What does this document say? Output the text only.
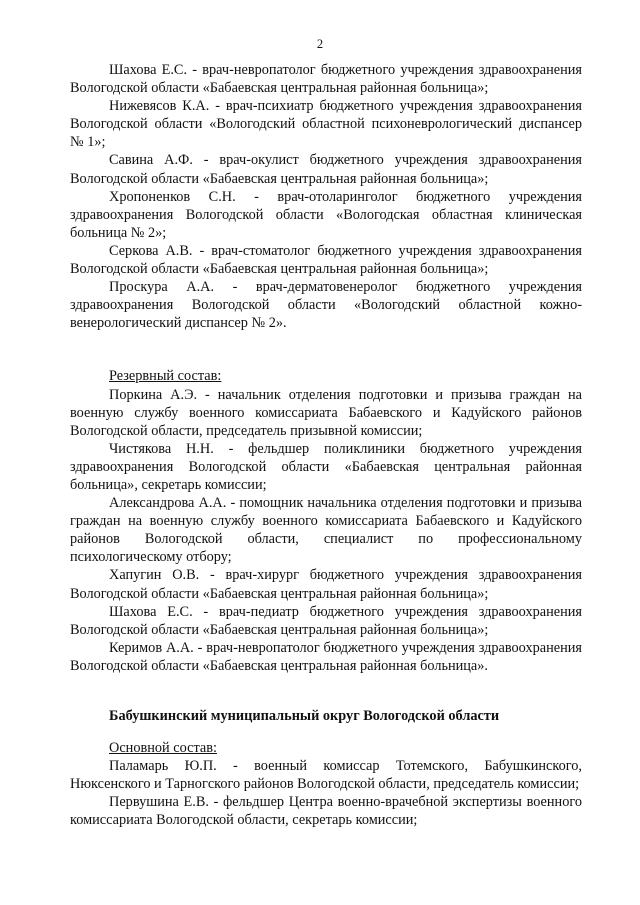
2

Шахова Е.С. - врач-невропатолог бюджетного учреждения здравоохранения Вологодской области «Бабаевская центральная районная больница»;

Нижевясов К.А. - врач-психиатр бюджетного учреждения здравоохранения Вологодской области «Вологодский областной психоневрологический диспансер № 1»;

Савина А.Ф. - врач-окулист бюджетного учреждения здравоохранения Вологодской области «Бабаевская центральная районная больница»;

Хропоненков С.Н. - врач-отоларинголог бюджетного учреждения здравоохранения Вологодской области «Вологодская областная клиническая больница № 2»;

Серкова А.В. - врач-стоматолог бюджетного учреждения здравоохранения Вологодской области «Бабаевская центральная районная больница»;

Проскура А.А. - врач-дерматовенеролог бюджетного учреждения здравоохранения Вологодской области «Вологодский областной кожно-венерологический диспансер № 2».

Резервный состав:

Поркина А.Э. - начальник отделения подготовки и призыва граждан на военную службу военного комиссариата Бабаевского и Кадуйского районов Вологодской области, председатель призывной комиссии;

Чистякова Н.Н. - фельдшер поликлиники бюджетного учреждения здравоохранения Вологодской области «Бабаевская центральная районная больница», секретарь комиссии;

Александрова А.А. - помощник начальника отделения подготовки и призыва граждан на военную службу военного комиссариата Бабаевского и Кадуйского районов Вологодской области, специалист по профессиональному психологическому отбору;

Хапугин О.В. - врач-хирург бюджетного учреждения здравоохранения Вологодской области «Бабаевская центральная районная больница»;

Шахова Е.С. - врач-педиатр бюджетного учреждения здравоохранения Вологодской области «Бабаевская центральная районная больница»;

Керимов А.А. - врач-невропатолог бюджетного учреждения здравоохранения Вологодской области «Бабаевская центральная районная больница».

Бабушкинский муниципальный округ Вологодской области

Основной состав:

Паламарь Ю.П. - военный комиссар Тотемского, Бабушкинского, Нюксенского и Тарногского районов Вологодской области, председатель комиссии;

Первушина Е.В. - фельдшер Центра военно-врачебной экспертизы военного комиссариата Вологодской области, секретарь комиссии;
